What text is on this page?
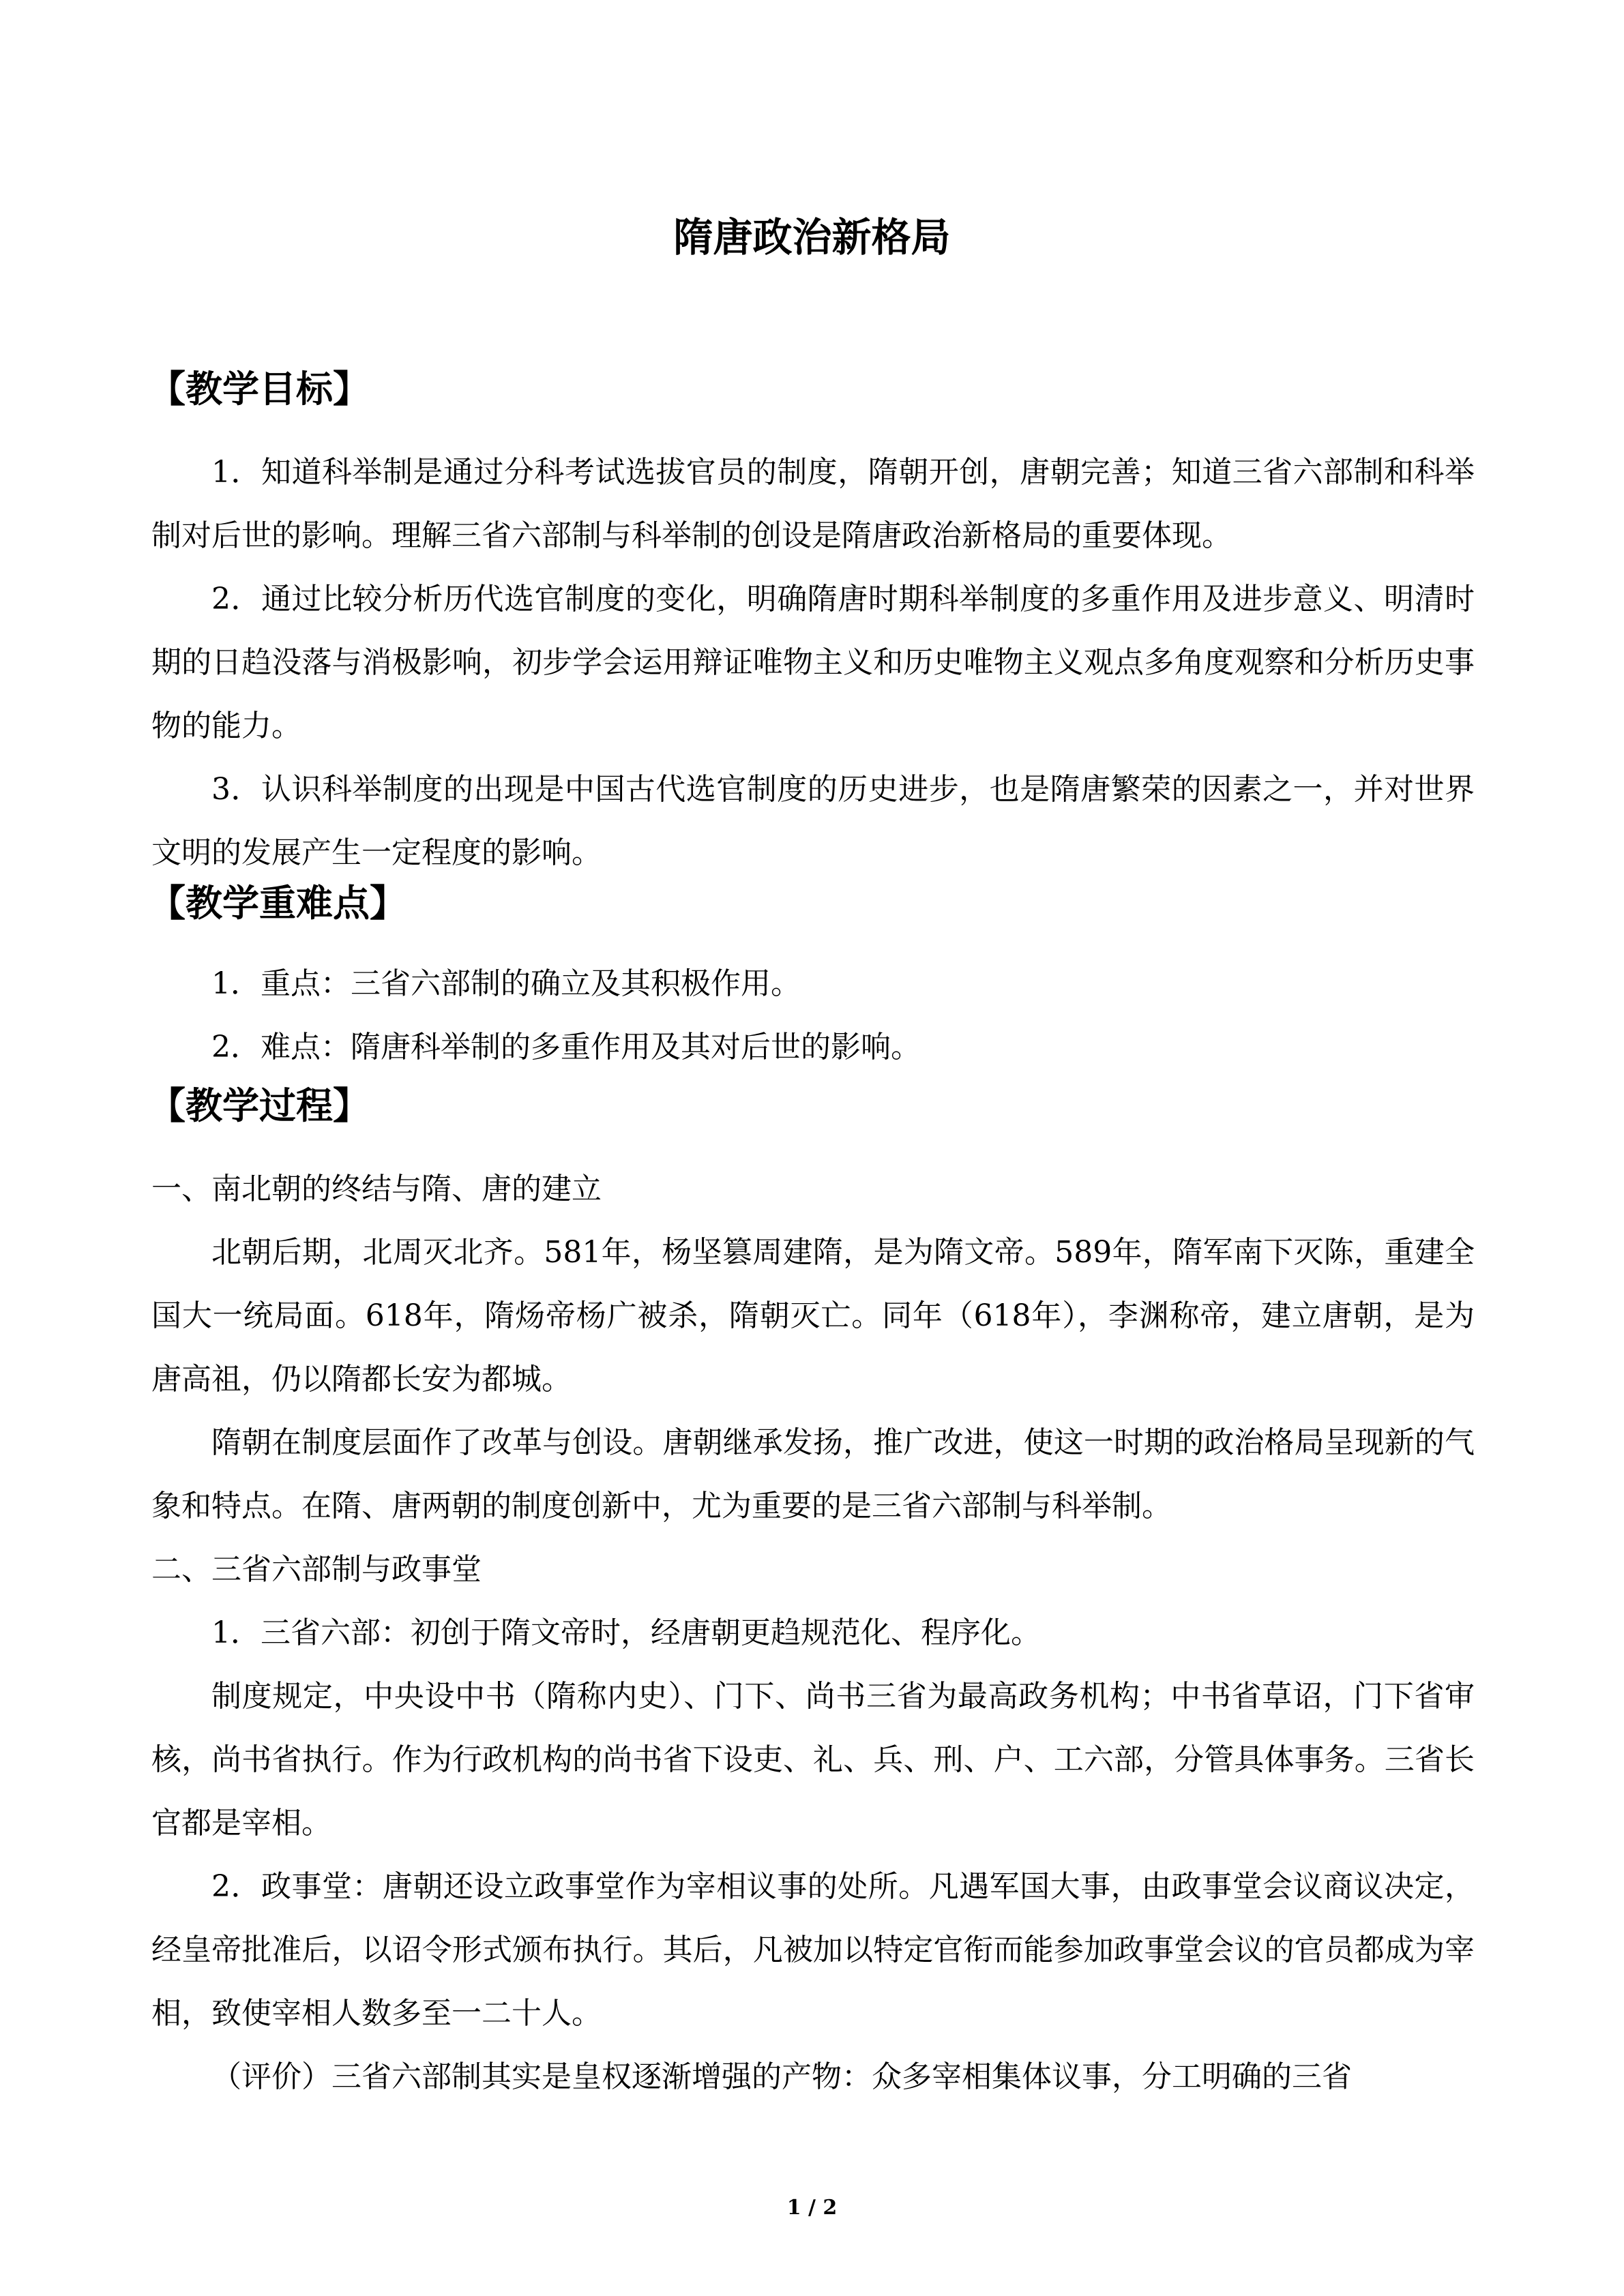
隋唐政治新格局
【教学目标】

1．知道科举制是通过分科考试选拔官员的制度，隋朝开创，唐朝完善；知道三省六部制和科举制对后世的影响。理解三省六部制与科举制的创设是隋唐政治新格局的重要体现。

2．通过比较分析历代选官制度的变化，明确隋唐时期科举制度的多重作用及进步意义、明清时期的日趋没落与消极影响，初步学会运用辩证唯物主义和历史唯物主义观点多角度观察和分析历史事物的能力。

3．认识科举制度的出现是中国古代选官制度的历史进步，也是隋唐繁荣的因素之一，并对世界文明的发展产生一定程度的影响。

【教学重难点】

1．重点：三省六部制的确立及其积极作用。

2．难点：隋唐科举制的多重作用及其对后世的影响。

【教学过程】

一、南北朝的终结与隋、唐的建立

北朝后期，北周灭北齐。581年，杨坚篡周建隋，是为隋文帝。589年，隋军南下灭陈，重建全国大一统局面。618年，隋炀帝杨广被杀，隋朝灭亡。同年（618年），李渊称帝，建立唐朝，是为唐高祖，仍以隋都长安为都城。

隋朝在制度层面作了改革与创设。唐朝继承发扬，推广改进，使这一时期的政治格局呈现新的气象和特点。在隋、唐两朝的制度创新中，尤为重要的是三省六部制与科举制。

二、三省六部制与政事堂

1．三省六部：初创于隋文帝时，经唐朝更趋规范化、程序化。

制度规定，中央设中书（隋称内史）、门下、尚书三省为最高政务机构；中书省草诏，门下省审核，尚书省执行。作为行政机构的尚书省下设吏、礼、兵、刑、户、工六部，分管具体事务。三省长官都是宰相。

2．政事堂：唐朝还设立政事堂作为宰相议事的处所。凡遇军国大事，由政事堂会议商议决定，经皇帝批准后，以诏令形式颁布执行。其后，凡被加以特定官衔而能参加政事堂会议的官员都成为宰相，致使宰相人数多至一二十人。

（评价）三省六部制其实是皇权逐渐增强的产物：众多宰相集体议事，分工明确的三省

1 / 2
